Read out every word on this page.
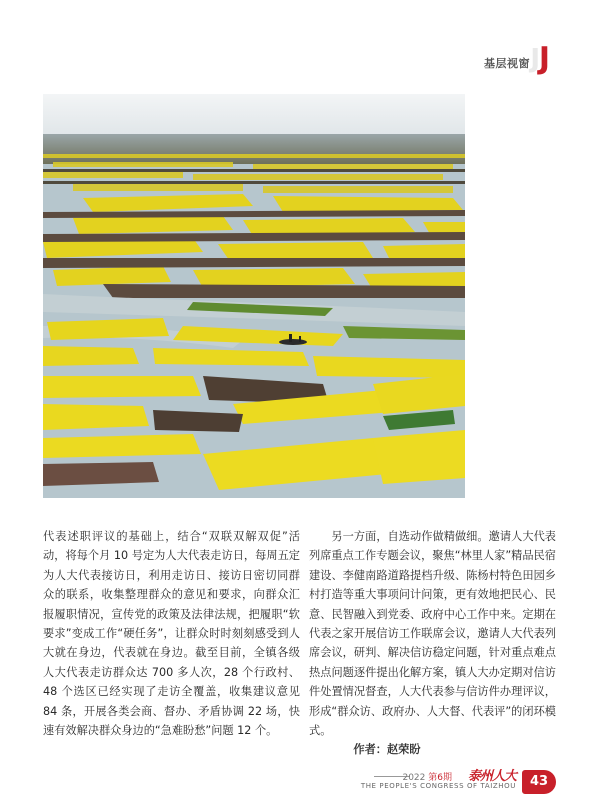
J
基层视窗 J

代表述职评议的基础上，结合“双联双解双促”活动，将每个月 10 号定为人大代表走访日，每周五定为人大代表接访日，利用走访日、接访日密切同群众的联系，收集整理群众的意见和要求，向群众汇报履职情况，宣传党的政策及法律法规，把履职“软要求”变成工作“硬任务”，让群众时时刻刻感受到人大就在身边，代表就在身边。截至目前，全镇各级人大代表走访群众达 700 多人次，28 个行政村、48 个选区已经实现了走访全覆盖，收集建议意见 84 条，开展各类会商、督办、矛盾协调 22 场，快速有效解决群众身边的“急难盼愁”问题 12 个。

另一方面，自选动作做精做细。邀请人大代表列席重点工作专题会议，聚焦“林里人家”精品民宿建设、李健南路道路提档升级、陈杨村特色田园乡村打造等重大事项问计问策，更有效地把民心、民意、民智融入到党委、政府中心工作中来。定期在代表之家开展信访工作联席会议，邀请人大代表列席会议，研判、解决信访稳定问题，针对重点难点热点问题逐件提出化解方案，镇人大办定期对信访件处置情况督查，人大代表参与信访件办理评议，形成“群众访、政府办、人大督、代表评”的闭环模式。

作者：赵荣盼

2022 第6期 泰州人大
THE PEOPLE'S CONGRESS OF TAIZHOU	43
